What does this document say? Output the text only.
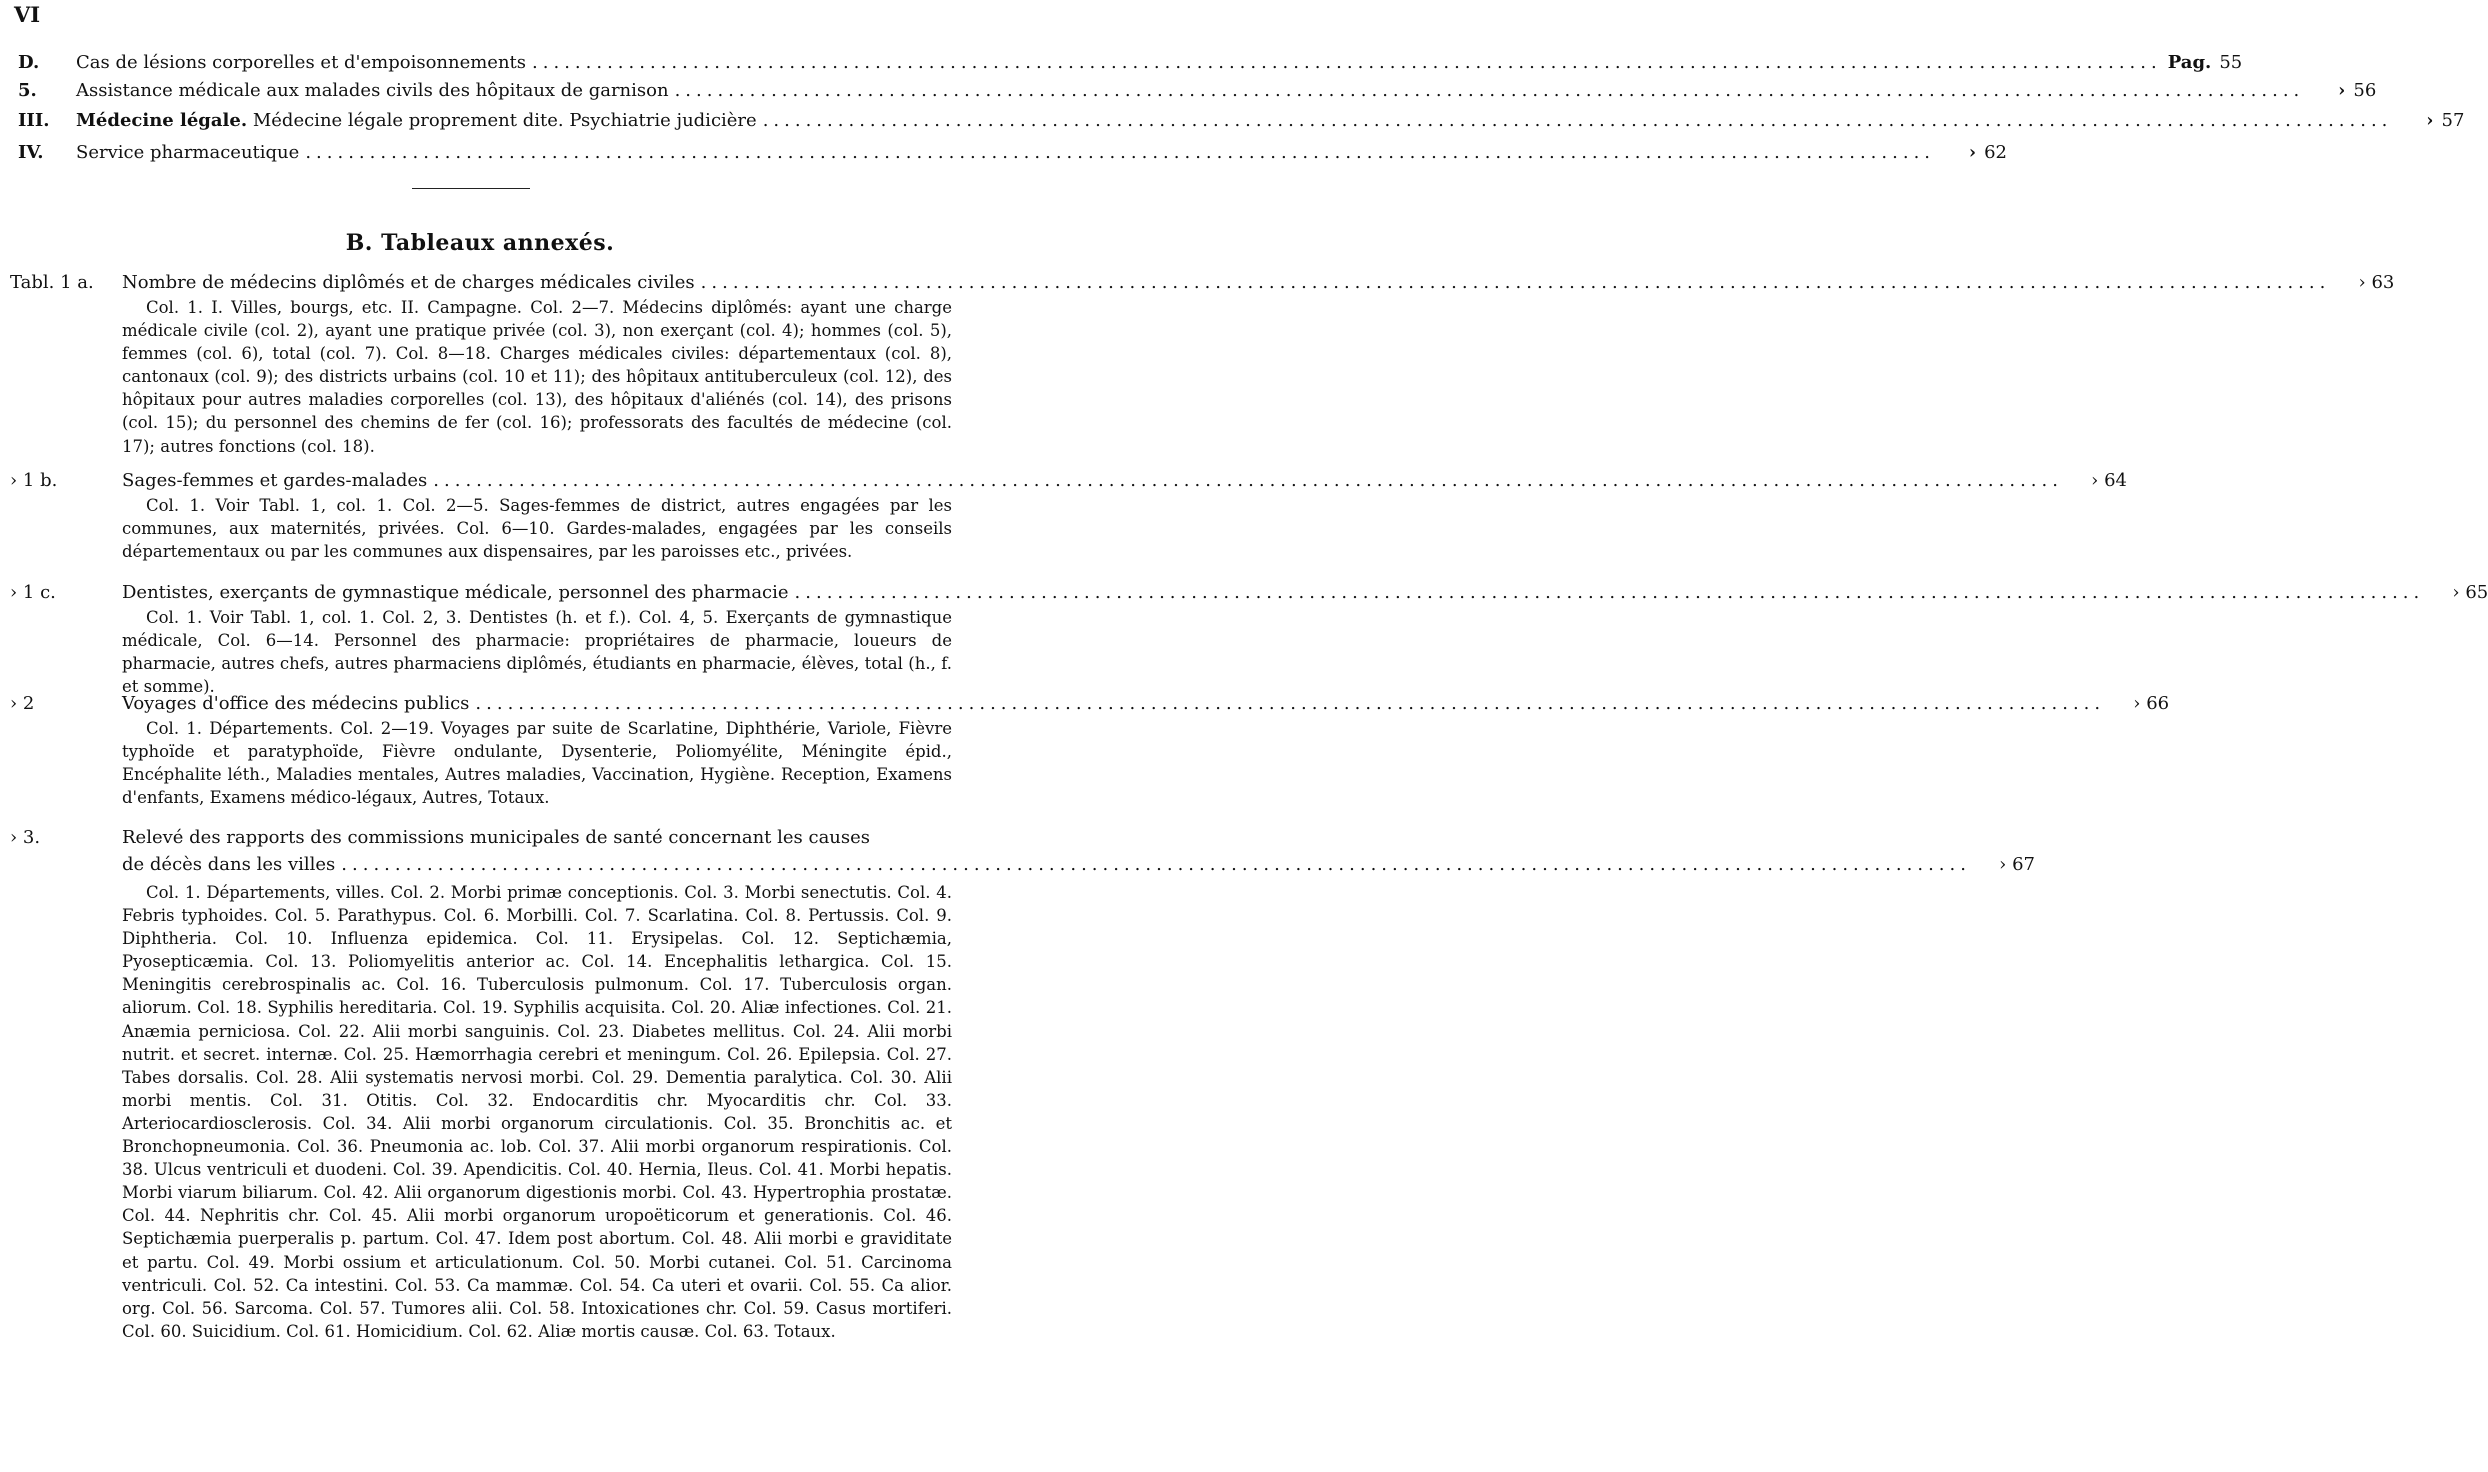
VI
D.	Cas de lésions corporelles et d'empoisonnements ........................................................................................................................................................ Pag. 55
5.	Assistance médicale aux malades civils des hôpitaux de garnison ........................................................................................................................................................	› 56
III.	Médecine légale. Médecine légale proprement dite. Psychiatrie judicière ........................................................................................................................................................	› 57
IV.	Service pharmaceutique ........................................................................................................................................................	› 62
B. Tableaux annexés.
Tabl. 1 a. Nombre de médecins diplômés et de charges médicales civiles ........................................................................................................................................................	› 63
Col. 1. I. Villes, bourgs, etc. II. Campagne. Col. 2—7. Médecins diplômés: ayant une charge médicale civile (col. 2), ayant une pratique privée (col. 3), non exerçant (col. 4); hommes (col. 5), femmes (col. 6), total (col. 7). Col. 8—18. Charges médicales civiles: départementaux (col. 8), cantonaux (col. 9); des districts urbains (col. 10 et 11); des hôpitaux antituberculeux (col. 12), des hôpitaux pour autres maladies corporelles (col. 13), des hôpitaux d'aliénés (col. 14), des prisons (col. 15); du personnel des chemins de fer (col. 16); professorats des facultés de médecine (col. 17); autres fonctions (col. 18).
› 1 b.	Sages-femmes et gardes-malades ........................................................................................................................................................	› 64
Col. 1. Voir Tabl. 1, col. 1. Col. 2—5. Sages-femmes de district, autres engagées par les communes, aux maternités, privées. Col. 6—10. Gardes-malades, engagées par les conseils départementaux ou par les communes aux dispensaires, par les paroisses etc., privées.
› 1 c.	Dentistes, exerçants de gymnastique médicale, personnel des pharmacie ........................................................................................................................................................	› 65
Col. 1. Voir Tabl. 1, col. 1. Col. 2, 3. Dentistes (h. et f.). Col. 4, 5. Exerçants de gymnastique médicale, Col. 6—14. Personnel des pharmacie: propriétaires de pharmacie, loueurs de pharmacie, autres chefs, autres pharmaciens diplômés, étudiants en pharmacie, élèves, total (h., f. et somme).
› 2	Voyages d'office des médecins publics ........................................................................................................................................................	› 66
Col. 1. Départements. Col. 2—19. Voyages par suite de Scarlatine, Diphthérie, Variole, Fièvre typhoïde et paratyphoïde, Fièvre ondulante, Dysenterie, Poliomyélite, Méningite épid., Encéphalite léth., Maladies mentales, Autres maladies, Vaccination, Hygiène. Reception, Examens d'enfants, Examens médico-légaux, Autres, Totaux.
› 3.	Relevé des rapports des commissions municipales de santé concernant les causes
de décès dans les villes ........................................................................................................................................................	› 67
Col. 1. Départements, villes. Col. 2. Morbi primæ conceptionis. Col. 3. Morbi senectutis. Col. 4. Febris typhoides. Col. 5. Parathypus. Col. 6. Morbilli. Col. 7. Scarlatina. Col. 8. Pertussis. Col. 9. Diphtheria. Col. 10. Influenza epidemica. Col. 11. Erysipelas. Col. 12. Septichæmia, Pyosepticæmia. Col. 13. Poliomyelitis anterior ac. Col. 14. Encephalitis lethargica. Col. 15. Meningitis cerebrospinalis ac. Col. 16. Tuberculosis pulmonum. Col. 17. Tuberculosis organ. aliorum. Col. 18. Syphilis hereditaria. Col. 19. Syphilis acquisita. Col. 20. Aliæ infectiones. Col. 21. Anæmia perniciosa. Col. 22. Alii morbi sanguinis. Col. 23. Diabetes mellitus. Col. 24. Alii morbi nutrit. et secret. internæ. Col. 25. Hæmorrhagia cerebri et meningum. Col. 26. Epilepsia. Col. 27. Tabes dorsalis. Col. 28. Alii systematis nervosi morbi. Col. 29. Dementia paralytica. Col. 30. Alii morbi mentis. Col. 31. Otitis. Col. 32. Endocarditis chr. Myocarditis chr. Col. 33. Arteriocardiosclerosis. Col. 34. Alii morbi organorum circulationis. Col. 35. Bronchitis ac. et Bronchopneumonia. Col. 36. Pneumonia ac. lob. Col. 37. Alii morbi organorum respirationis. Col. 38. Ulcus ventriculi et duodeni. Col. 39. Apendicitis. Col. 40. Hernia, Ileus. Col. 41. Morbi hepatis. Morbi viarum biliarum. Col. 42. Alii organorum digestionis morbi. Col. 43. Hypertrophia prostatæ. Col. 44. Nephritis chr. Col. 45. Alii morbi organorum uropoëticorum et generationis. Col. 46. Septichæmia puerperalis p. partum. Col. 47. Idem post abortum. Col. 48. Alii morbi e graviditate et partu. Col. 49. Morbi ossium et articulationum. Col. 50. Morbi cutanei. Col. 51. Carcinoma ventriculi. Col. 52. Ca intestini. Col. 53. Ca mammæ. Col. 54. Ca uteri et ovarii. Col. 55. Ca alior. org. Col. 56. Sarcoma. Col. 57. Tumores alii. Col. 58. Intoxicationes chr. Col. 59. Casus mortiferi. Col. 60. Suicidium. Col. 61. Homicidium. Col. 62. Aliæ mortis causæ. Col. 63. Totaux.
